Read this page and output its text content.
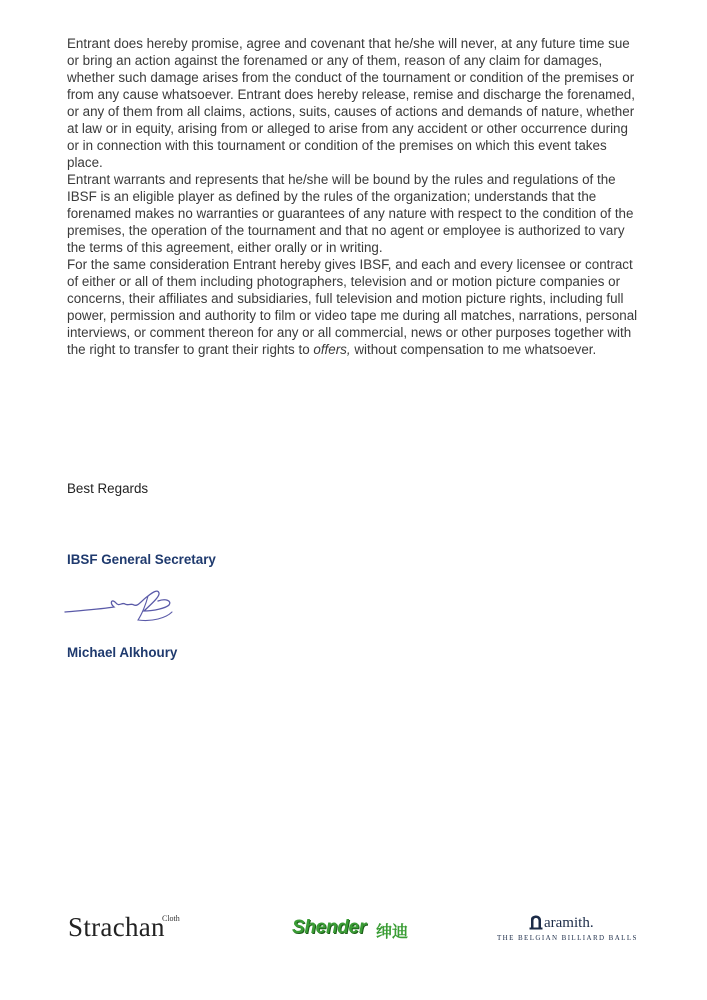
Entrant does hereby promise, agree and covenant that he/she will never, at any future time sue or bring an action against the forenamed or any of them, reason of any claim for damages, whether such damage arises from the conduct of the tournament or condition of the premises or from any cause whatsoever. Entrant does hereby release, remise and discharge the forenamed, or any of them from all claims, actions, suits, causes of actions and demands of nature, whether at law or in equity, arising from or alleged to arise from any accident or other occurrence during or in connection with this tournament or condition of the premises on which this event takes place.

Entrant warrants and represents that he/she will be bound by the rules and regulations of the IBSF is an eligible player as defined by the rules of the organization; understands that the forenamed makes no warranties or guarantees of any nature with respect to the condition of the premises, the operation of the tournament and that no agent or employee is authorized to vary the terms of this agreement, either orally or in writing.

For the same consideration Entrant hereby gives IBSF, and each and every licensee or contract of either or all of them including photographers, television and or motion picture companies or concerns, their affiliates and subsidiaries, full television and motion picture rights, including full power, permission and authority to film or video tape me during all matches, narrations, personal interviews, or comment thereon for any or all commercial, news or other purposes together with the right to transfer to grant their rights to offers, without compensation to me whatsoever.

Best Regards
IBSF General Secretary
Michael Alkhoury
Strachan
Cloth	Shender 绅迪	aramith.
THE BELGIAN BILLIARD BALLS
